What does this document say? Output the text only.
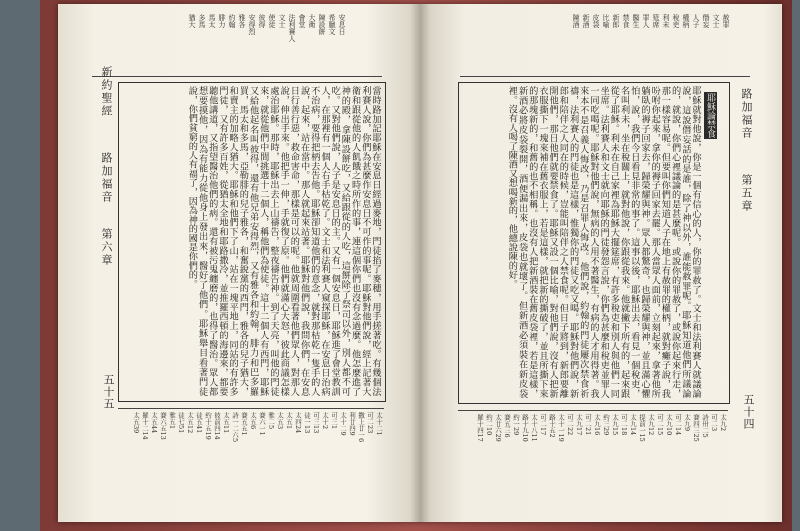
安息日
希臘文
陳設餅
大衛
會堂
法利賽人
文士
使徒
彼得
安得烈
雅各
約翰
腓力
馬太
多馬
猶大
新約聖經
路加福音
第六章
五十五	當時路加記耶穌在安息日經過麥地，門徒掐了麥穗，用手搓著吃。有幾個法利賽人說，你們為甚麼作安息日不可作的事呢。耶穌對他們說，經上記著大衛和跟從他的人飢餓之時所作的事，連這個你們也沒有念過麼。他怎麼進了神的殿，拿陳設餅吃，又給跟從的人吃，這餅除了祭司以外，別人都不可吃。又對他們說，人子是安息日的主。又有一個安息日，耶穌進了會堂教訓人，在那裡有一個人右手枯乾了。文士和法利賽人窺探耶穌，在安息日治病不治病，要得把柄去告他。耶穌卻知道他們的意念，就對那枯乾一隻手的人說，起來，站在當中。那人就起來站著。耶穌對他們說，我問你們，在安息日行善行惡，救命害命，那樣是可以的呢。他就周圍看著他們眾人，對那人說，伸出手來。他把手一伸，手就復了原。他們就滿心大怒，彼此商議怎樣處治耶穌。那時，耶穌出去上山禱告，整夜禱告神。到了天亮，叫他的門徒來，就從他們中間挑選十二個人，稱他們為使徒。這十二個人有西門，耶穌又給他起名叫彼得，還有他兄弟安得烈，又有雅各和約翰，腓力和巴多羅買，馬太和多馬，亞勒腓的兒子雅各，和奮銳黨的西門，雅各的兒子猶大，和賣主的加略人猶大。耶穌和他們下了山，站在一塊平地上，同站的有許多門徒，又有許多百姓，從猶太全地和耶路撒冷，並推羅西頓的海邊來，都要聽他講道，又指望醫治他們的病。還有被污鬼纏磨的，也得了醫治。眾人都想要摸他，因為有能力從他身上發出來，醫好了他們。耶穌舉目看著門徒說，你們貧窮的人有福了，因為神的國是你們的。
太十二1
可二23
撒上廿一6
利廿四9
太十二9
可三1
太十2
可三13
徒一13
太四24
太五1
太五3
雅二5
賽六一1
太五6
賽五五1
詩一二六5
太五11
彼前四14
約十五19
徒五41
太五12
徒七51
雅五1
賽六五13
太五44
羅十二14
太五39
赦罪
文士
僭妄
人子
權柄
稅吏
利未
筵席
罪人
醫生
禁食
新郎
比喻
皮袋
新酒
陳酒
路加福音
第五章
五十四
耶穌論禁食
耶穌就對他說，你是一個有信心的人，你的罪赦了。文士和法利賽人就議論說，這說僭妄話的是誰，除了神以外，誰能赦罪呢。耶穌知道他們所議論的，就說，你們心裡議論的是甚麼呢。或說你的罪赦了，或說你起來行走，那一樣容易呢。但要叫你們知道人子在地上有赦罪的權柄，就對癱子說，我吩咐你起來，拿你的褥子回家去罷。那人當眾人面前，立刻起來，拿著他所躺臥的褥子回家去，歸榮耀與神。眾人都驚奇，也歸榮耀與神，並且滿心懼怕，說，我們今日看見非常的事了。這事以後，耶穌出去，看見一個稅吏，名叫利未，坐在稅關上，就對他說，你跟從我來。他就撇下所有的，起來跟從了耶穌。利未在自己家裡為耶穌大擺筵席，有許多稅吏和別人與他們一同坐席。法利賽人和文士就向耶穌的門徒發怨言說，你們為甚麼和稅吏並罪人一同吃喝呢。耶穌對他們說，無病的人用不著醫生，有病的人才用得著。我來本不是召義人悔改，乃是召罪人悔改。他們說，約翰的門徒屢次禁食祈禱，法利賽人的門徒也是這樣，惟獨你的門徒又吃又喝。耶穌對他們說，新郎和陪伴之人同在的時候，豈能叫陪伴之人禁食呢。但日子將到，新郎要離開他們，那日他們就要禁食了。耶穌又設一個比喻，對他們說，沒有人把新衣服撕下一塊來補在舊衣服上，若是這樣，就把新的撕破了，並且所撕下來的那塊新的，和舊的也不相稱。也沒有人把新酒裝在舊皮袋裡，若是這樣，新酒必將皮袋裂開，酒便漏出來，皮袋也就壞了。但新酒必須裝在新皮袋裡。沒有人喝了陳酒又想喝新的，他總說陳的好。
太九2
可二3
詩卅二5
賽四三25
太九9
可二14
太九10
可二15
太九12
提前一15
太九14
可二18
太九15
約三29
太九16
可二21
太九17
可二22
太十一19
路十五2
可二17
太十八11
路十九10
約一29
賽五三6
太廿六29
約二10
羅十四17
